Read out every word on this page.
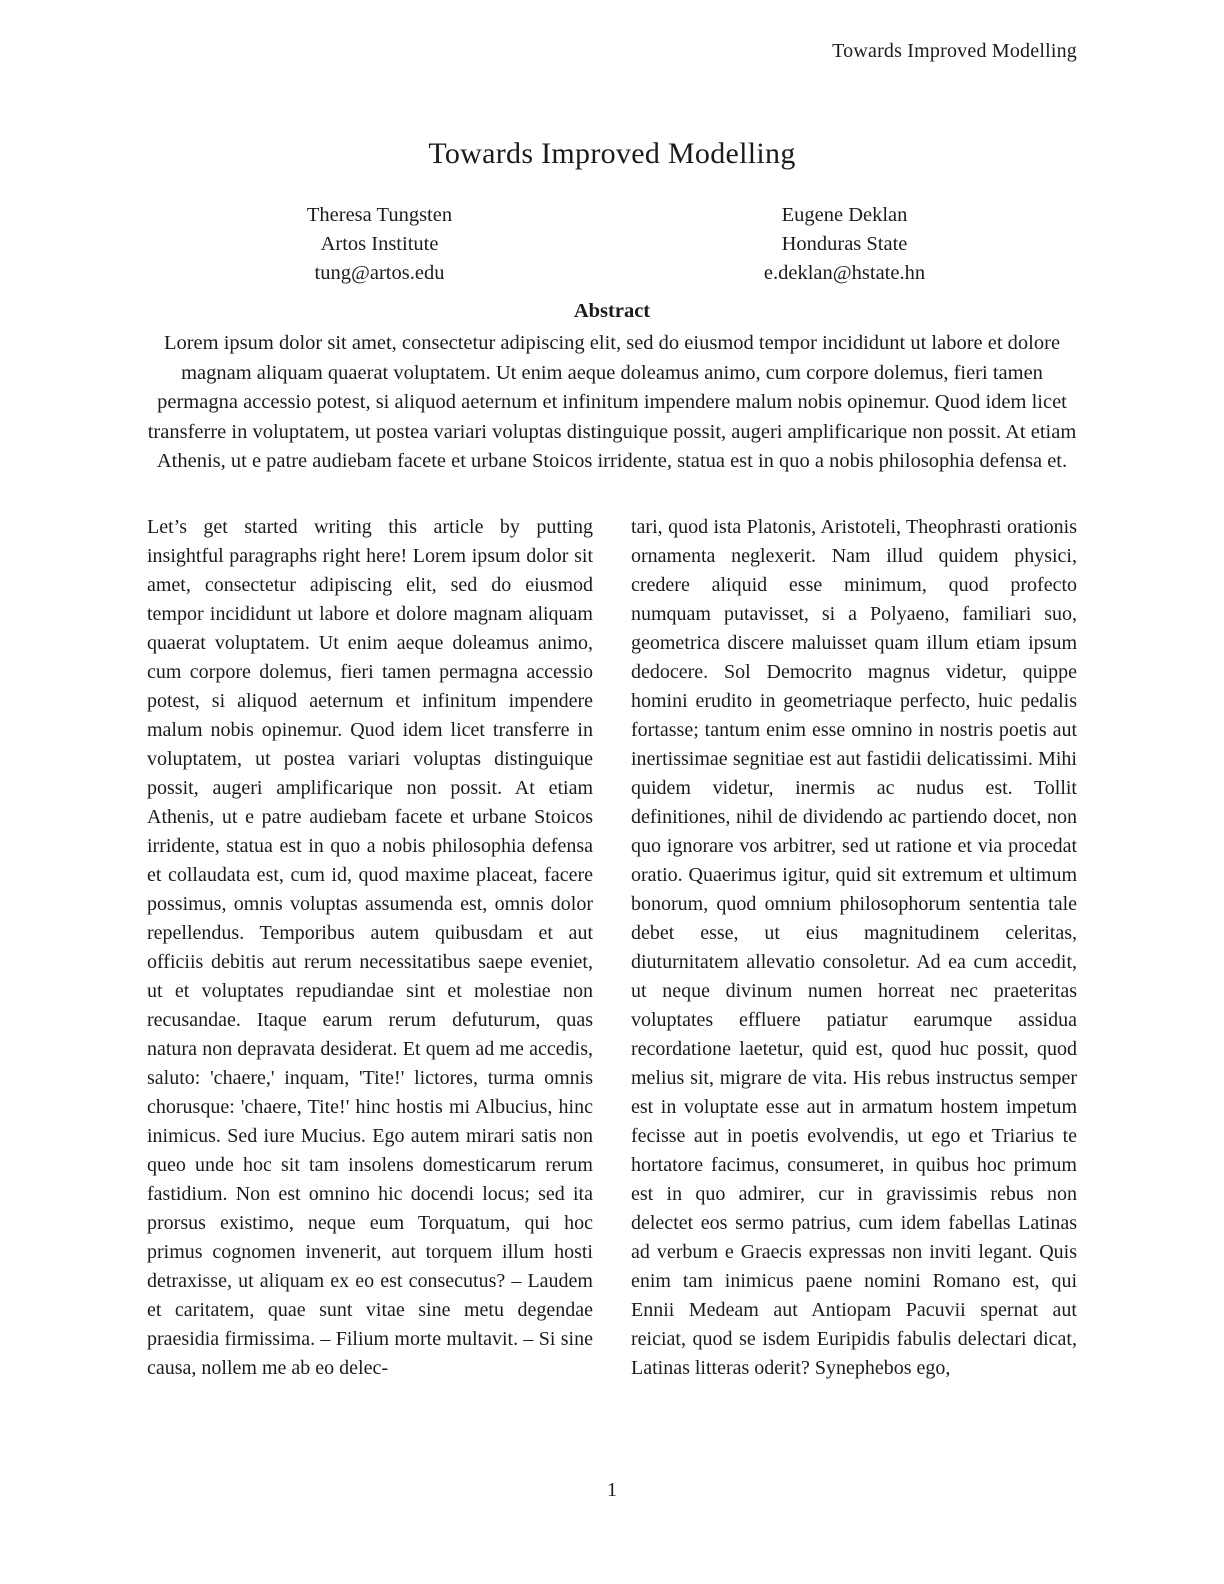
Towards Improved Modelling
Towards Improved Modelling
Theresa Tungsten
Artos Institute
tung@artos.edu
Eugene Deklan
Honduras State
e.deklan@hstate.hn
Abstract

Lorem ipsum dolor sit amet, consectetur adipiscing elit, sed do eiusmod tempor incididunt ut labore et dolore magnam aliquam quaerat voluptatem. Ut enim aeque doleamus animo, cum corpore dolemus, fieri tamen permagna accessio potest, si aliquod aeternum et infinitum impendere malum nobis opinemur. Quod idem licet transferre in voluptatem, ut postea variari voluptas distinguique possit, augeri amplificarique non possit. At etiam Athenis, ut e patre audiebam facete et urbane Stoicos irridente, statua est in quo a nobis philosophia defensa et.

Let’s get started writing this article by putting insightful paragraphs right here! Lorem ipsum dolor sit amet, consectetur adipiscing elit, sed do eiusmod tempor incididunt ut labore et dolore magnam aliquam quaerat voluptatem. Ut enim aeque doleamus animo, cum corpore dolemus, fieri tamen permagna accessio potest, si aliquod aeternum et infinitum impendere malum nobis opinemur. Quod idem licet transferre in voluptatem, ut postea variari voluptas distinguique possit, augeri amplificarique non possit. At etiam Athenis, ut e patre audiebam facete et urbane Stoicos irridente, statua est in quo a nobis philosophia defensa et collaudata est, cum id, quod maxime placeat, facere possimus, omnis voluptas assumenda est, omnis dolor repellendus. Temporibus autem quibusdam et aut officiis debitis aut rerum necessitatibus saepe eveniet, ut et voluptates repudiandae sint et molestiae non recusandae. Itaque earum rerum defuturum, quas natura non depravata desiderat. Et quem ad me accedis, saluto: 'chaere,' inquam, 'Tite!' lictores, turma omnis chorusque: 'chaere, Tite!' hinc hostis mi Albucius, hinc inimicus. Sed iure Mucius. Ego autem mirari satis non queo unde hoc sit tam insolens domesticarum rerum fastidium. Non est omnino hic docendi locus; sed ita prorsus existimo, neque eum Torquatum, qui hoc primus cognomen invenerit, aut torquem illum hosti detraxisse, ut aliquam ex eo est consecutus? – Laudem et caritatem, quae sunt vitae sine metu degendae praesidia firmissima. – Filium morte multavit. – Si sine causa, nollem me ab eo delec-

tari, quod ista Platonis, Aristoteli, Theophrasti orationis ornamenta neglexerit. Nam illud quidem physici, credere aliquid esse minimum, quod profecto numquam putavisset, si a Polyaeno, familiari suo, geometrica discere maluisset quam illum etiam ipsum dedocere. Sol Democrito magnus videtur, quippe homini erudito in geometriaque perfecto, huic pedalis fortasse; tantum enim esse omnino in nostris poetis aut inertissimae segnitiae est aut fastidii delicatissimi. Mihi quidem videtur, inermis ac nudus est. Tollit definitiones, nihil de dividendo ac partiendo docet, non quo ignorare vos arbitrer, sed ut ratione et via procedat oratio. Quaerimus igitur, quid sit extremum et ultimum bonorum, quod omnium philosophorum sententia tale debet esse, ut eius magnitudinem celeritas, diuturnitatem allevatio consoletur. Ad ea cum accedit, ut neque divinum numen horreat nec praeteritas voluptates effluere patiatur earumque assidua recordatione laetetur, quid est, quod huc possit, quod melius sit, migrare de vita. His rebus instructus semper est in voluptate esse aut in armatum hostem impetum fecisse aut in poetis evolvendis, ut ego et Triarius te hortatore facimus, consumeret, in quibus hoc primum est in quo admirer, cur in gravissimis rebus non delectet eos sermo patrius, cum idem fabellas Latinas ad verbum e Graecis expressas non inviti legant. Quis enim tam inimicus paene nomini Romano est, qui Ennii Medeam aut Antiopam Pacuvii spernat aut reiciat, quod se isdem Euripidis fabulis delectari dicat, Latinas litteras oderit? Synephebos ego,

1
